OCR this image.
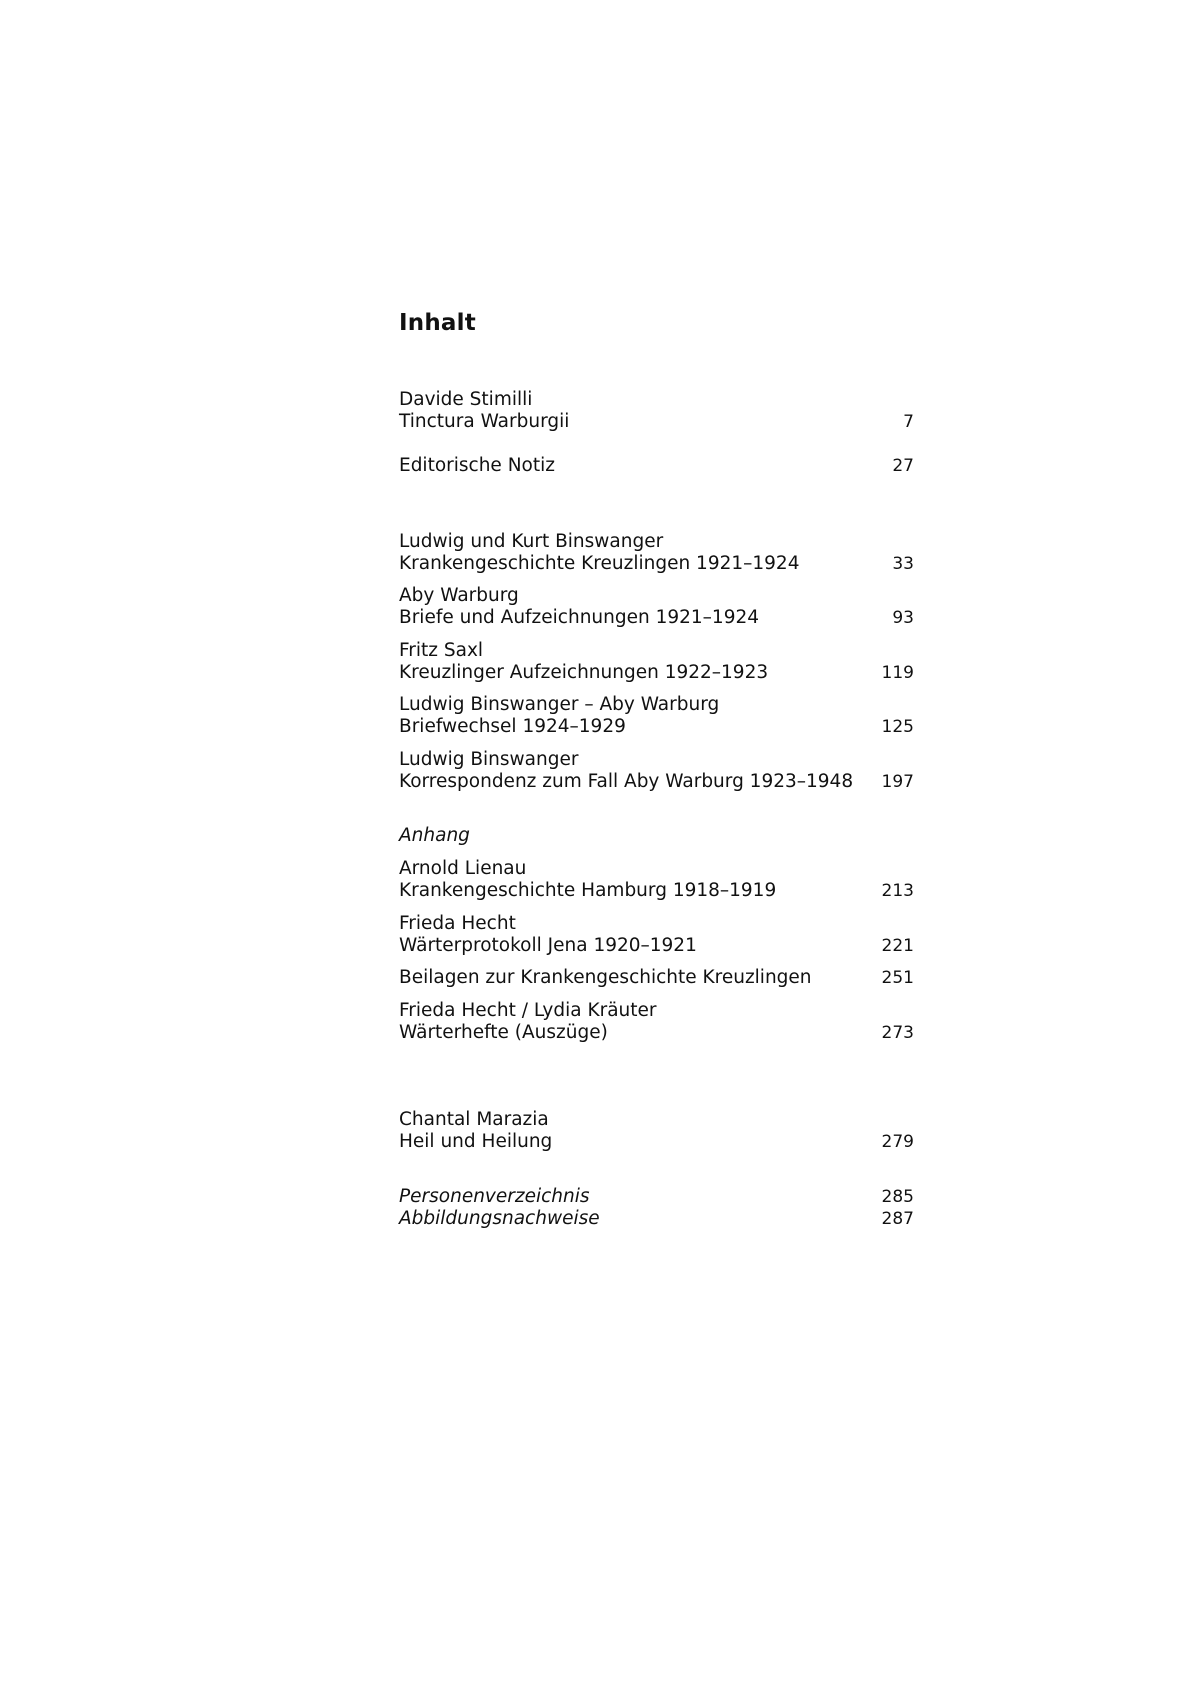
Inhalt
Davide Stimilli
Tinctura Warburgii	7
Editorische Notiz	27
Ludwig und Kurt Binswanger
Krankengeschichte Kreuzlingen 1921–1924	33
Aby Warburg
Briefe und Aufzeichnungen 1921–1924	93
Fritz Saxl
Kreuzlinger Aufzeichnungen 1922–1923	119
Ludwig Binswanger – Aby Warburg
Briefwechsel 1924–1929	125
Ludwig Binswanger
Korrespondenz zum Fall Aby Warburg 1923–1948	197
Anhang
Arnold Lienau
Krankengeschichte Hamburg 1918–1919	213
Frieda Hecht
Wärterprotokoll Jena 1920–1921	221
Beilagen zur Krankengeschichte Kreuzlingen	251
Frieda Hecht / Lydia Kräuter
Wärterhefte (Auszüge)	273
Chantal Marazia
Heil und Heilung	279
Personenverzeichnis	285
Abbildungsnachweise	287
